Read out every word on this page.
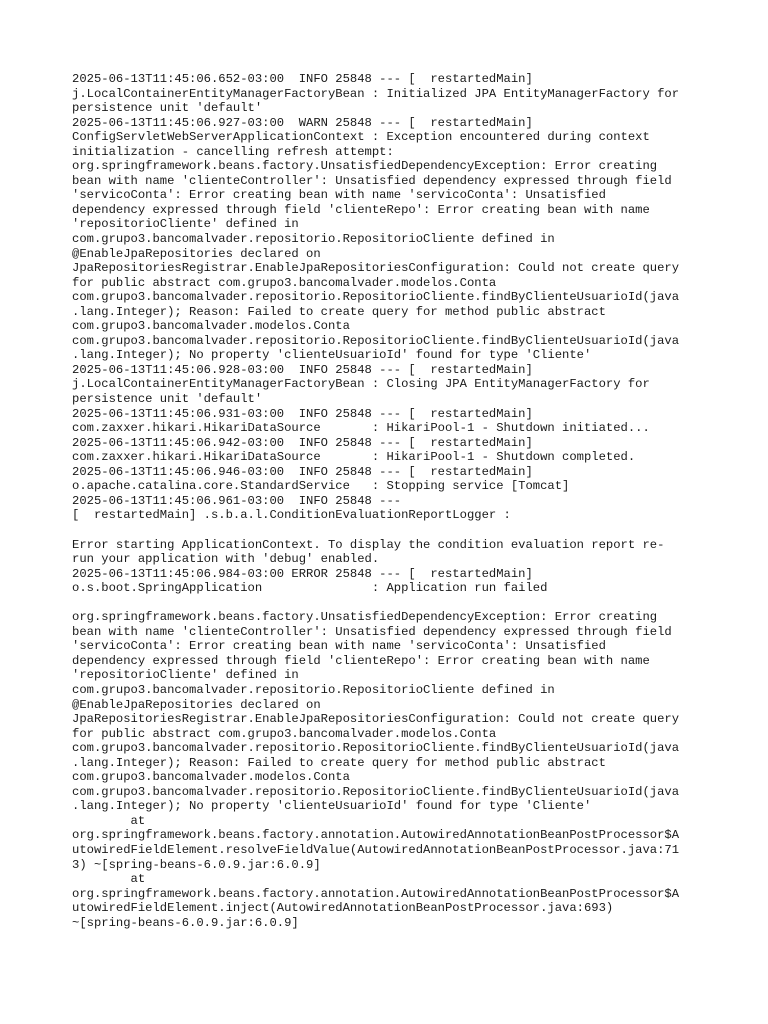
2025-06-13T11:45:06.652-03:00  INFO 25848 --- [  restartedMain]
j.LocalContainerEntityManagerFactoryBean : Initialized JPA EntityManagerFactory for
persistence unit 'default'
2025-06-13T11:45:06.927-03:00  WARN 25848 --- [  restartedMain]
ConfigServletWebServerApplicationContext : Exception encountered during context
initialization - cancelling refresh attempt:
org.springframework.beans.factory.UnsatisfiedDependencyException: Error creating
bean with name 'clienteController': Unsatisfied dependency expressed through field
'servicoConta': Error creating bean with name 'servicoConta': Unsatisfied
dependency expressed through field 'clienteRepo': Error creating bean with name
'repositorioCliente' defined in
com.grupo3.bancomalvader.repositorio.RepositorioCliente defined in
@EnableJpaRepositories declared on
JpaRepositoriesRegistrar.EnableJpaRepositoriesConfiguration: Could not create query
for public abstract com.grupo3.bancomalvader.modelos.Conta
com.grupo3.bancomalvader.repositorio.RepositorioCliente.findByClienteUsuarioId(java
.lang.Integer); Reason: Failed to create query for method public abstract
com.grupo3.bancomalvader.modelos.Conta
com.grupo3.bancomalvader.repositorio.RepositorioCliente.findByClienteUsuarioId(java
.lang.Integer); No property 'clienteUsuarioId' found for type 'Cliente'
2025-06-13T11:45:06.928-03:00  INFO 25848 --- [  restartedMain]
j.LocalContainerEntityManagerFactoryBean : Closing JPA EntityManagerFactory for
persistence unit 'default'
2025-06-13T11:45:06.931-03:00  INFO 25848 --- [  restartedMain]
com.zaxxer.hikari.HikariDataSource       : HikariPool-1 - Shutdown initiated...
2025-06-13T11:45:06.942-03:00  INFO 25848 --- [  restartedMain]
com.zaxxer.hikari.HikariDataSource       : HikariPool-1 - Shutdown completed.
2025-06-13T11:45:06.946-03:00  INFO 25848 --- [  restartedMain]
o.apache.catalina.core.StandardService   : Stopping service [Tomcat]
2025-06-13T11:45:06.961-03:00  INFO 25848 ---
[  restartedMain] .s.b.a.l.ConditionEvaluationReportLogger :
Error starting ApplicationContext. To display the condition evaluation report re-
run your application with 'debug' enabled.
2025-06-13T11:45:06.984-03:00 ERROR 25848 --- [  restartedMain]
o.s.boot.SpringApplication               : Application run failed
org.springframework.beans.factory.UnsatisfiedDependencyException: Error creating
bean with name 'clienteController': Unsatisfied dependency expressed through field
'servicoConta': Error creating bean with name 'servicoConta': Unsatisfied
dependency expressed through field 'clienteRepo': Error creating bean with name
'repositorioCliente' defined in
com.grupo3.bancomalvader.repositorio.RepositorioCliente defined in
@EnableJpaRepositories declared on
JpaRepositoriesRegistrar.EnableJpaRepositoriesConfiguration: Could not create query
for public abstract com.grupo3.bancomalvader.modelos.Conta
com.grupo3.bancomalvader.repositorio.RepositorioCliente.findByClienteUsuarioId(java
.lang.Integer); Reason: Failed to create query for method public abstract
com.grupo3.bancomalvader.modelos.Conta
com.grupo3.bancomalvader.repositorio.RepositorioCliente.findByClienteUsuarioId(java
.lang.Integer); No property 'clienteUsuarioId' found for type 'Cliente'
at
org.springframework.beans.factory.annotation.AutowiredAnnotationBeanPostProcessor$A
utowiredFieldElement.resolveFieldValue(AutowiredAnnotationBeanPostProcessor.java:71
3) ~[spring-beans-6.0.9.jar:6.0.9]
at
org.springframework.beans.factory.annotation.AutowiredAnnotationBeanPostProcessor$A
utowiredFieldElement.inject(AutowiredAnnotationBeanPostProcessor.java:693)
~[spring-beans-6.0.9.jar:6.0.9]
